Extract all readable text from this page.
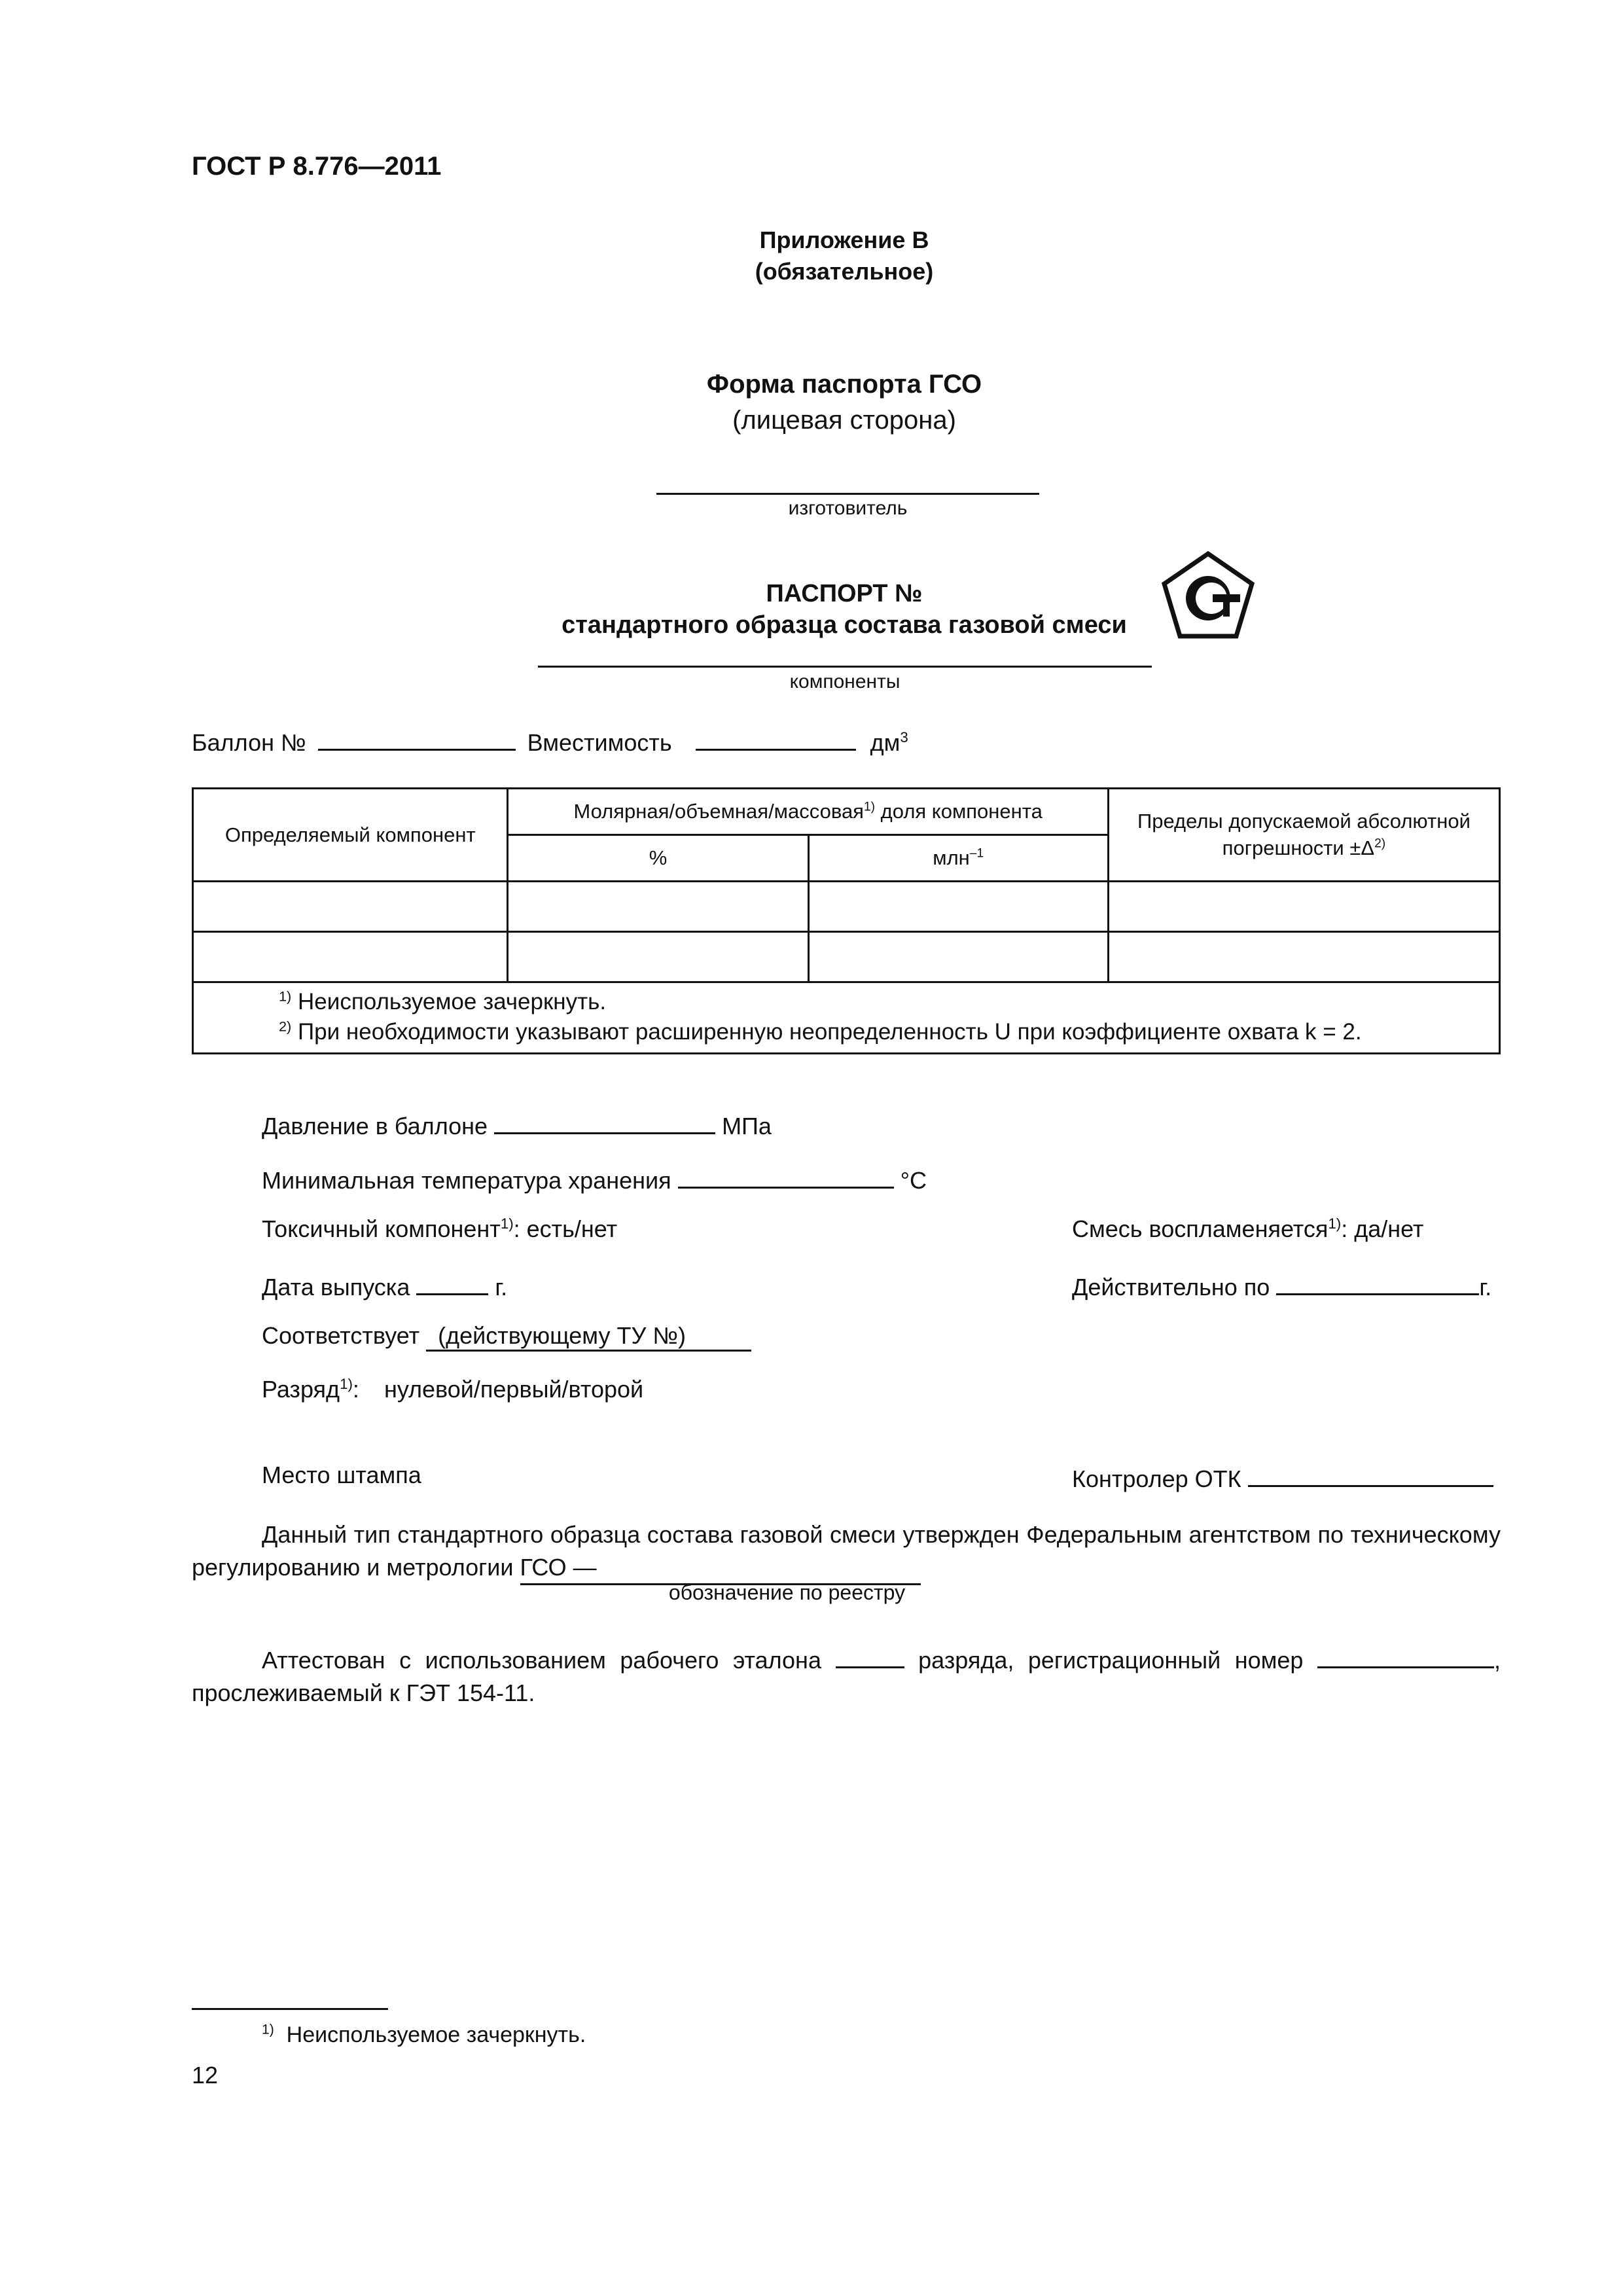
ГОСТ Р 8.776—2011
Приложение В
(обязательное)
Форма паспорта ГСО
(лицевая сторона)
изготовитель
ПАСПОРТ №
стандартного образца состава газовой смеси
компоненты
Баллон №	Вместимость	$дм^3$
Определяемый компонент	Молярная/объемная/массовая$^{1)}$ доля компонента		Пределы допускаемой абсолютной погрешности $\pm\Delta^{2)}$
	%	млн$^{-1}$

$^{1)}$ Неиспользуемое зачеркнуть.
$^{2)}$ При необходимости указывают расширенную неопределенность U при коэффициенте охвата k = 2.			
Давление в баллоне	МПа
Минимальная температура хранения	°С
Токсичный компонент$^{1)}$: есть/нет	Смесь воспламеняется$^{1)}$: да/нет
Дата выпуска	г.	Действительно по	г.
Соответствует (действующему ТУ №)
Разряд$^{1)}$: нулевой/первый/второй
Место штампа	Контролер ОТК
Данный тип стандартного образца состава газовой смеси утвержден Федеральным агентством по техническому регулированию и метрологии ГСО —
обозначение по реестру
Аттестован с использованием рабочего эталона	разряда, регистрационный номер	, прослеживаемый к ГЭТ 154-11.
$^{1)}$ Неиспользуемое зачеркнуть.
12
